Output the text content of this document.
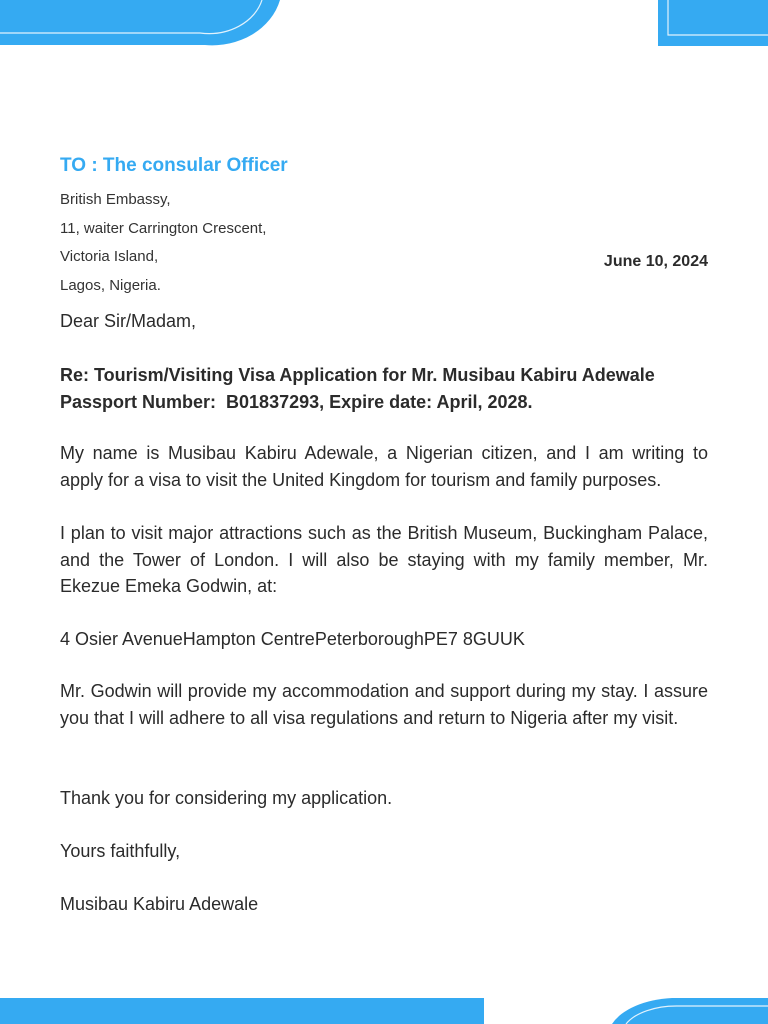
TO : The consular Officer
British Embassy,
11, waiter Carrington Crescent,
Victoria Island,
Lagos, Nigeria.
June 10, 2024
Dear Sir/Madam,
Re: Tourism/Visiting Visa Application for Mr. Musibau Kabiru Adewale
Passport Number:  B01837293, Expire date: April, 2028.
My name is Musibau Kabiru Adewale, a Nigerian citizen, and I am writing to apply for a visa to visit the United Kingdom for tourism and family purposes.
I plan to visit major attractions such as the British Museum, Buckingham Palace, and the Tower of London. I will also be staying with my family member, Mr. Ekezue Emeka Godwin, at:
4 Osier AvenueHampton CentrePeterboroughPE7 8GUUK
Mr. Godwin will provide my accommodation and support during my stay. I assure you that I will adhere to all visa regulations and return to Nigeria after my visit.
Thank you for considering my application.
Yours faithfully,
Musibau Kabiru Adewale
